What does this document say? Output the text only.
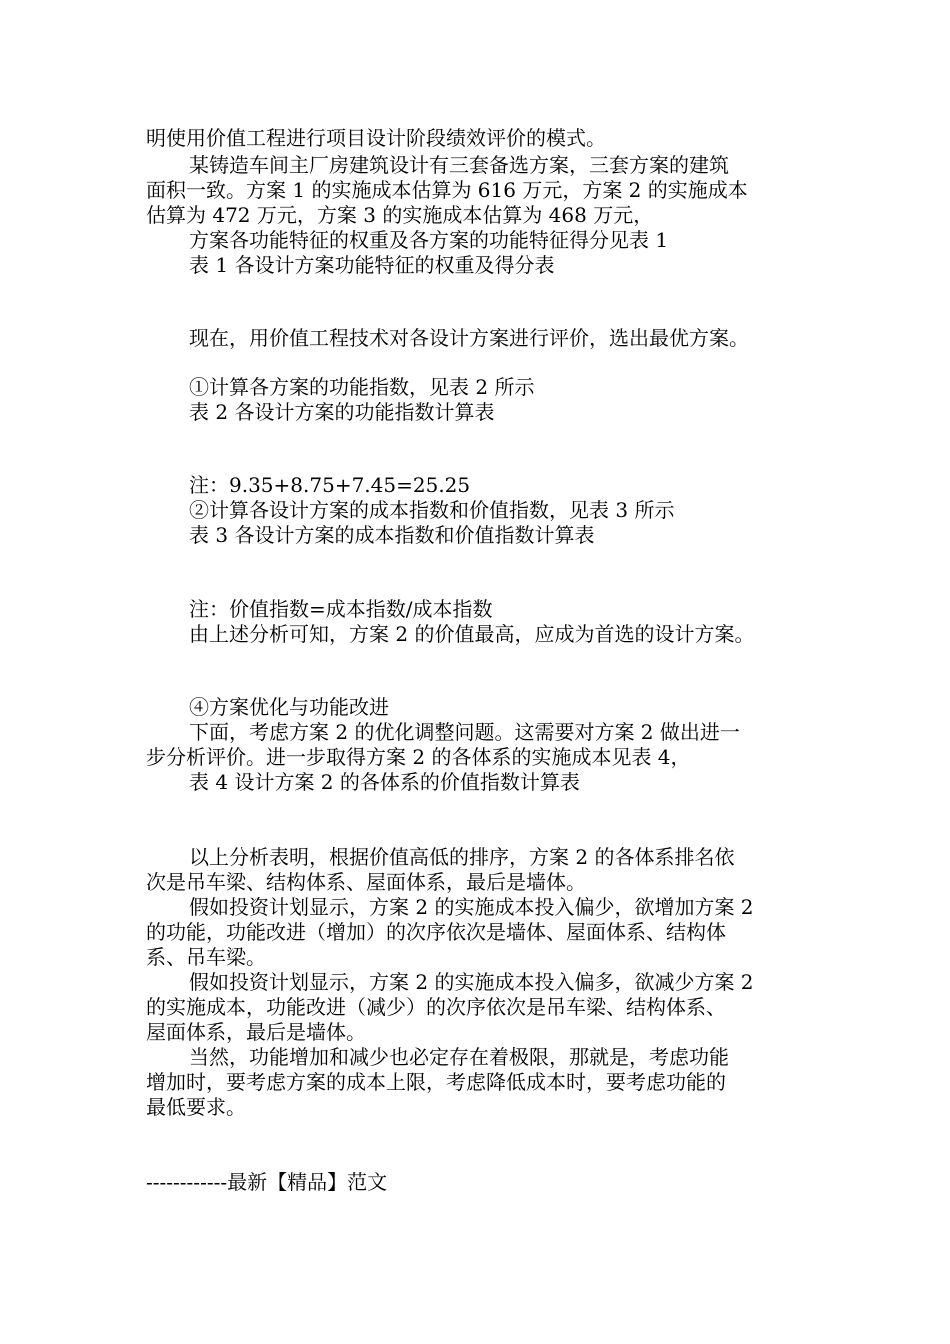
明使用价值工程进行项目设计阶段绩效评价的模式。
某铸造车间主厂房建筑设计有三套备选方案，三套方案的建筑
面积一致。方案 1 的实施成本估算为 616 万元，方案 2 的实施成本
估算为 472 万元，方案 3 的实施成本估算为 468 万元，
方案各功能特征的权重及各方案的功能特征得分见表 1
表 1 各设计方案功能特征的权重及得分表
现在，用价值工程技术对各设计方案进行评价，选出最优方案。
①计算各方案的功能指数，见表 2 所示
表 2 各设计方案的功能指数计算表
注：9.35+8.75+7.45=25.25
②计算各设计方案的成本指数和价值指数，见表 3 所示
表 3 各设计方案的成本指数和价值指数计算表
注：价值指数=成本指数/成本指数
由上述分析可知，方案 2 的价值最高，应成为首选的设计方案。
④方案优化与功能改进
下面，考虑方案 2 的优化调整问题。这需要对方案 2 做出进一
步分析评价。进一步取得方案 2 的各体系的实施成本见表 4，
表 4 设计方案 2 的各体系的价值指数计算表
以上分析表明，根据价值高低的排序，方案 2 的各体系排名依
次是吊车梁、结构体系、屋面体系，最后是墙体。
假如投资计划显示，方案 2 的实施成本投入偏少，欲增加方案 2
的功能，功能改进（增加）的次序依次是墙体、屋面体系、结构体
系、吊车梁。
假如投资计划显示，方案 2 的实施成本投入偏多，欲减少方案 2
的实施成本，功能改进（减少）的次序依次是吊车梁、结构体系、
屋面体系，最后是墙体。
当然，功能增加和减少也必定存在着极限，那就是，考虑功能
增加时，要考虑方案的成本上限，考虑降低成本时，要考虑功能的
最低要求。
------------最新【精品】范文
